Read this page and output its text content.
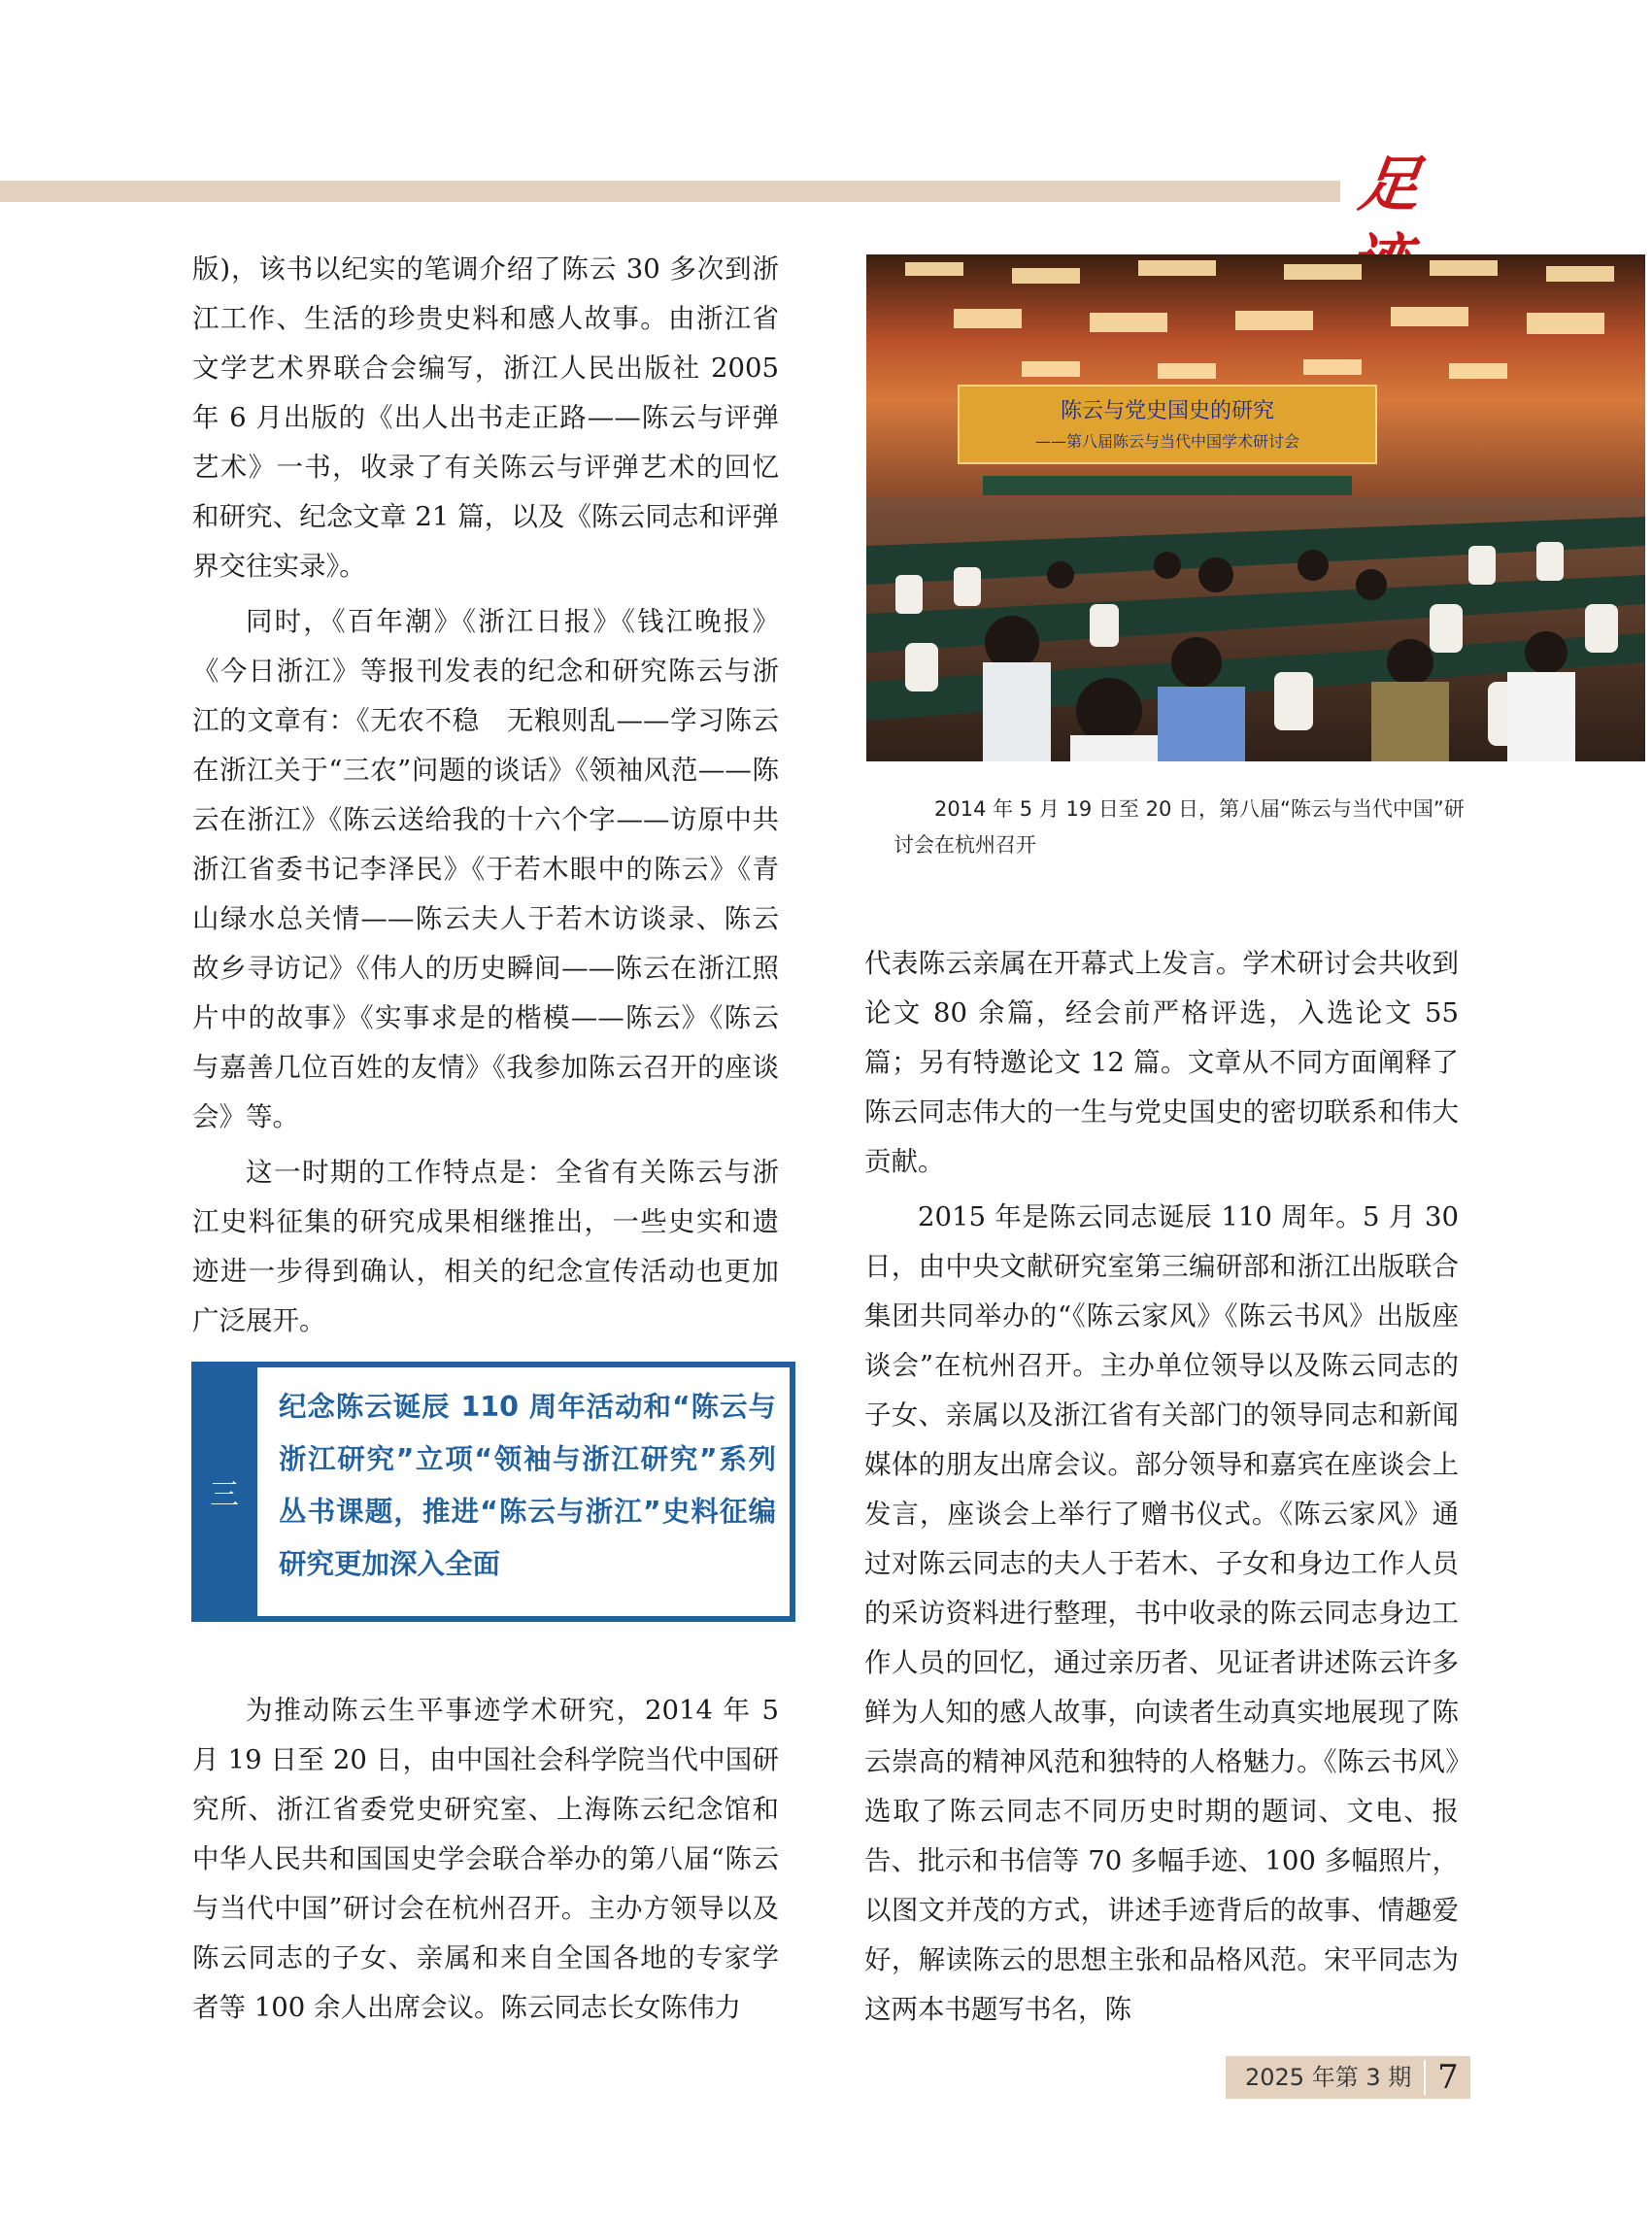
足迹

版)，该书以纪实的笔调介绍了陈云 30 多次到浙江工作、生活的珍贵史料和感人故事。由浙江省文学艺术界联合会编写，浙江人民出版社 2005 年 6 月出版的《出人出书走正路——陈云与评弹艺术》一书，收录了有关陈云与评弹艺术的回忆和研究、纪念文章 21 篇，以及《陈云同志和评弹界交往实录》。

同时，《百年潮》《浙江日报》《钱江晚报》《今日浙江》等报刊发表的纪念和研究陈云与浙江的文章有：《无农不稳　无粮则乱——学习陈云在浙江关于“三农”问题的谈话》《领袖风范——陈云在浙江》《陈云送给我的十六个字——访原中共浙江省委书记李泽民》《于若木眼中的陈云》《青山绿水总关情——陈云夫人于若木访谈录、陈云故乡寻访记》《伟人的历史瞬间——陈云在浙江照片中的故事》《实事求是的楷模——陈云》《陈云与嘉善几位百姓的友情》《我参加陈云召开的座谈会》等。

这一时期的工作特点是：全省有关陈云与浙江史料征集的研究成果相继推出，一些史实和遗迹进一步得到确认，相关的纪念宣传活动也更加广泛展开。

三
纪念陈云诞辰 110 周年活动和“陈云与浙江研究”立项“领袖与浙江研究”系列丛书课题，推进“陈云与浙江”史料征编研究更加深入全面

为推动陈云生平事迹学术研究，2014 年 5 月 19 日至 20 日，由中国社会科学院当代中国研究所、浙江省委党史研究室、上海陈云纪念馆和中华人民共和国国史学会联合举办的第八届“陈云与当代中国”研讨会在杭州召开。主办方领导以及陈云同志的子女、亲属和来自全国各地的专家学者等 100 余人出席会议。陈云同志长女陈伟力

陈云与党史国史的研究
——第八届陈云与当代中国学术研讨会
2014 年 5 月 19 日至 20 日，第八届“陈云与当代中国”研讨会在杭州召开

代表陈云亲属在开幕式上发言。学术研讨会共收到论文 80 余篇，经会前严格评选，入选论文 55 篇；另有特邀论文 12 篇。文章从不同方面阐释了陈云同志伟大的一生与党史国史的密切联系和伟大贡献。

2015 年是陈云同志诞辰 110 周年。5 月 30 日，由中央文献研究室第三编研部和浙江出版联合集团共同举办的“《陈云家风》《陈云书风》出版座谈会”在杭州召开。主办单位领导以及陈云同志的子女、亲属以及浙江省有关部门的领导同志和新闻媒体的朋友出席会议。部分领导和嘉宾在座谈会上发言，座谈会上举行了赠书仪式。《陈云家风》通过对陈云同志的夫人于若木、子女和身边工作人员的采访资料进行整理，书中收录的陈云同志身边工作人员的回忆，通过亲历者、见证者讲述陈云许多鲜为人知的感人故事，向读者生动真实地展现了陈云崇高的精神风范和独特的人格魅力。《陈云书风》选取了陈云同志不同历史时期的题词、文电、报告、批示和书信等 70 多幅手迹、100 多幅照片，以图文并茂的方式，讲述手迹背后的故事、情趣爱好，解读陈云的思想主张和品格风范。宋平同志为这两本书题写书名，陈

2025 年第 3 期 7
